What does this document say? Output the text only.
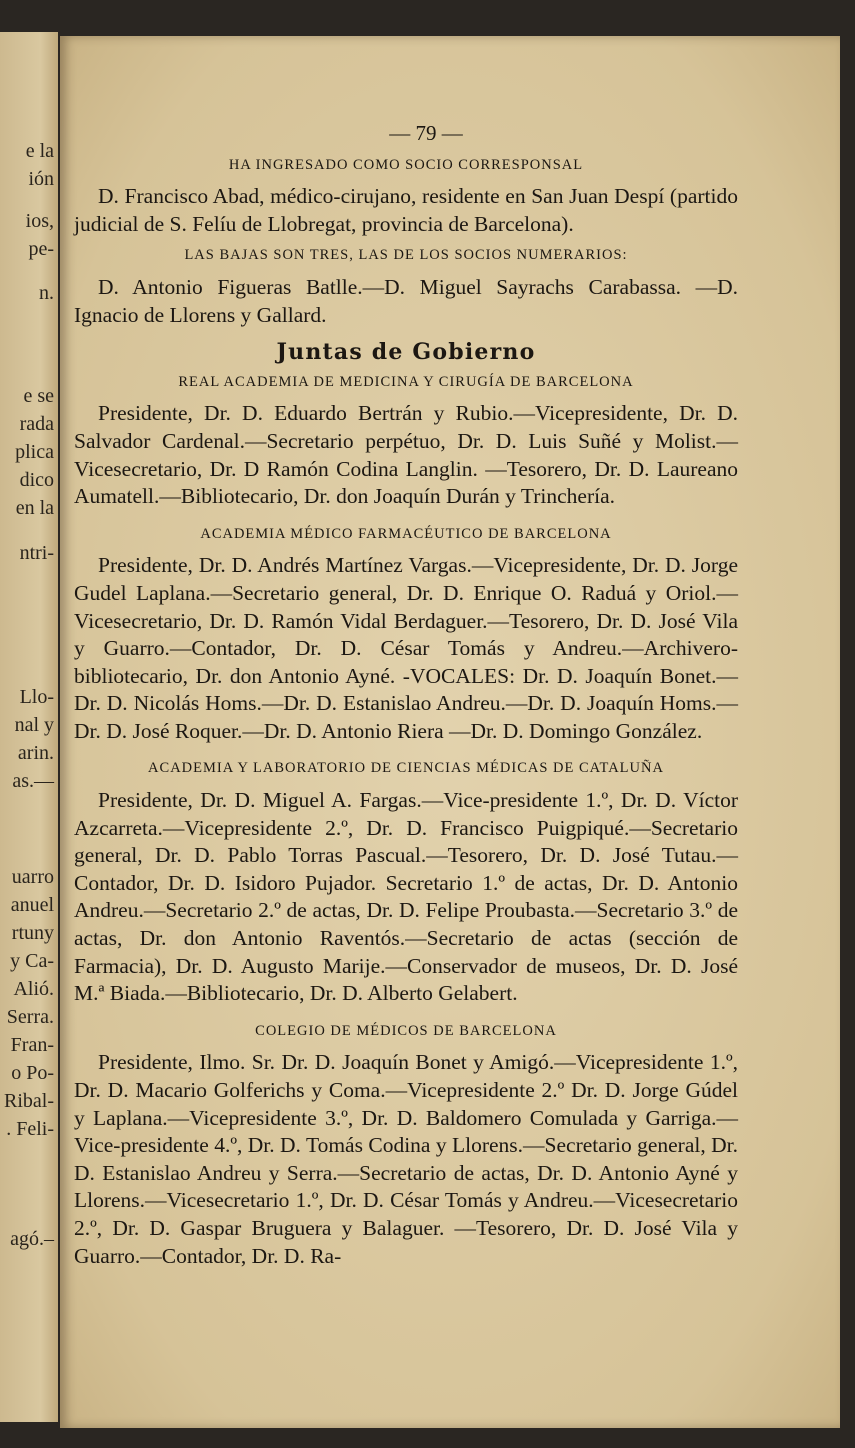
e la
ión
ios,
pe-
n.
e se
rada
plica
dico
en la
ntri-
Llo-
nal y
arin.
as.—
uarro
anuel
rtuny
y Ca-
Alió.
Serra.
Fran-
o Po-
Ribal-
. Feli-
agó.–
— 79 —
HA INGRESADO COMO SOCIO CORRESPONSAL

D. Francisco Abad, médico-cirujano, residente en San Juan Despí (partido judicial de S. Felíu de Llobregat, provincia de Barcelona).

LAS BAJAS SON TRES, LAS DE LOS SOCIOS NUMERARIOS:

D. Antonio Figueras Batlle.—D. Miguel Sayrachs Carabassa. —D. Ignacio de Llorens y Gallard.

Juntas de Gobierno
REAL ACADEMIA DE MEDICINA Y CIRUGÍA DE BARCELONA

Presidente, Dr. D. Eduardo Bertrán y Rubio.—Vicepresidente, Dr. D. Salvador Cardenal.—Secretario perpétuo, Dr. D. Luis Suñé y Molist.—Vicesecretario, Dr. D Ramón Codina Langlin. —Tesorero, Dr. D. Laureano Aumatell.—Bibliotecario, Dr. don Joaquín Durán y Trinchería.

ACADEMIA MÉDICO FARMACÉUTICO DE BARCELONA

Presidente, Dr. D. Andrés Martínez Vargas.—Vicepresidente, Dr. D. Jorge Gudel Laplana.—Secretario general, Dr. D. Enrique O. Raduá y Oriol.—Vicesecretario, Dr. D. Ramón Vidal Berdaguer.—Tesorero, Dr. D. José Vila y Guarro.—Contador, Dr. D. César Tomás y Andreu.—Archivero-bibliotecario, Dr. don Antonio Ayné. -VOCALES: Dr. D. Joaquín Bonet.—Dr. D. Nicolás Homs.—Dr. D. Estanislao Andreu.—Dr. D. Joaquín Homs.—Dr. D. José Roquer.—Dr. D. Antonio Riera —Dr. D. Domingo González.

ACADEMIA Y LABORATORIO DE CIENCIAS MÉDICAS DE CATALUÑA

Presidente, Dr. D. Miguel A. Fargas.—Vice-presidente 1.º, Dr. D. Víctor Azcarreta.—Vicepresidente 2.º, Dr. D. Francisco Puigpiqué.—Secretario general, Dr. D. Pablo Torras Pascual.—Tesorero, Dr. D. José Tutau.—Contador, Dr. D. Isidoro Pujador. Secretario 1.º de actas, Dr. D. Antonio Andreu.—Secretario 2.º de actas, Dr. D. Felipe Proubasta.—Secretario 3.º de actas, Dr. don Antonio Raventós.—Secretario de actas (sección de Farmacia), Dr. D. Augusto Marije.—Conservador de museos, Dr. D. José M.ª Biada.—Bibliotecario, Dr. D. Alberto Gelabert.

COLEGIO DE MÉDICOS DE BARCELONA

Presidente, Ilmo. Sr. Dr. D. Joaquín Bonet y Amigó.—Vicepresidente 1.º, Dr. D. Macario Golferichs y Coma.—Vicepresidente 2.º Dr. D. Jorge Gúdel y Laplana.—Vicepresidente 3.º, Dr. D. Baldomero Comulada y Garriga.—Vice-presidente 4.º, Dr. D. Tomás Codina y Llorens.—Secretario general, Dr. D. Estanislao Andreu y Serra.—Secretario de actas, Dr. D. Antonio Ayné y Llorens.—Vicesecretario 1.º, Dr. D. César Tomás y Andreu.—Vicesecretario 2.º, Dr. D. Gaspar Bruguera y Balaguer. —Tesorero, Dr. D. José Vila y Guarro.—Contador, Dr. D. Ra-
